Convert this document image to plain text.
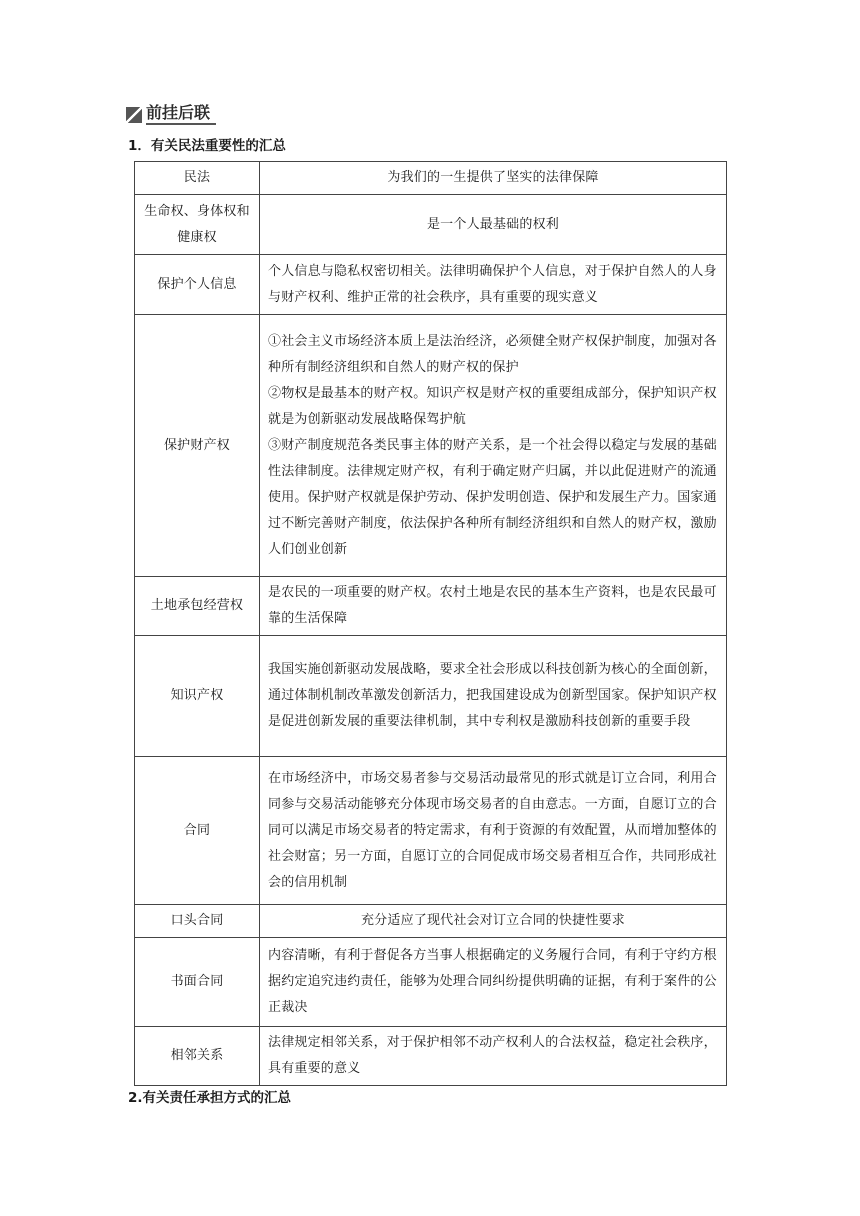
前挂后联
1．有关民法重要性的汇总
民法	为我们的一生提供了坚实的法律保障

生命权、身体权和健康权	是一个人最基础的权利

保护个人信息	个人信息与隐私权密切相关。法律明确保护个人信息，对于保护自然人的人身与财产权利、维护正常的社会秩序，具有重要的现实意义

保护财产权	①社会主义市场经济本质上是法治经济，必须健全财产权保护制度，加强对各种所有制经济组织和自然人的财产权的保护
②物权是最基本的财产权。知识产权是财产权的重要组成部分，保护知识产权就是为创新驱动发展战略保驾护航
③财产制度规范各类民事主体的财产关系，是一个社会得以稳定与发展的基础性法律制度。法律规定财产权，有利于确定财产归属，并以此促进财产的流通使用。保护财产权就是保护劳动、保护发明创造、保护和发展生产力。国家通过不断完善财产制度，依法保护各种所有制经济组织和自然人的财产权，激励人们创业创新

土地承包经营权	是农民的一项重要的财产权。农村土地是农民的基本生产资料，也是农民最可靠的生活保障

知识产权	我国实施创新驱动发展战略，要求全社会形成以科技创新为核心的全面创新，通过体制机制改革激发创新活力，把我国建设成为创新型国家。保护知识产权是促进创新发展的重要法律机制，其中专利权是激励科技创新的重要手段

合同	在市场经济中，市场交易者参与交易活动最常见的形式就是订立合同，利用合同参与交易活动能够充分体现市场交易者的自由意志。一方面，自愿订立的合同可以满足市场交易者的特定需求，有利于资源的有效配置，从而增加整体的社会财富；另一方面，自愿订立的合同促成市场交易者相互合作，共同形成社会的信用机制

口头合同	充分适应了现代社会对订立合同的快捷性要求

书面合同	内容清晰，有利于督促各方当事人根据确定的义务履行合同，有利于守约方根据约定追究违约责任，能够为处理合同纠纷提供明确的证据，有利于案件的公正裁决

相邻关系	法律规定相邻关系，对于保护相邻不动产权利人的合法权益，稳定社会秩序，具有重要的意义
2.有关责任承担方式的汇总
